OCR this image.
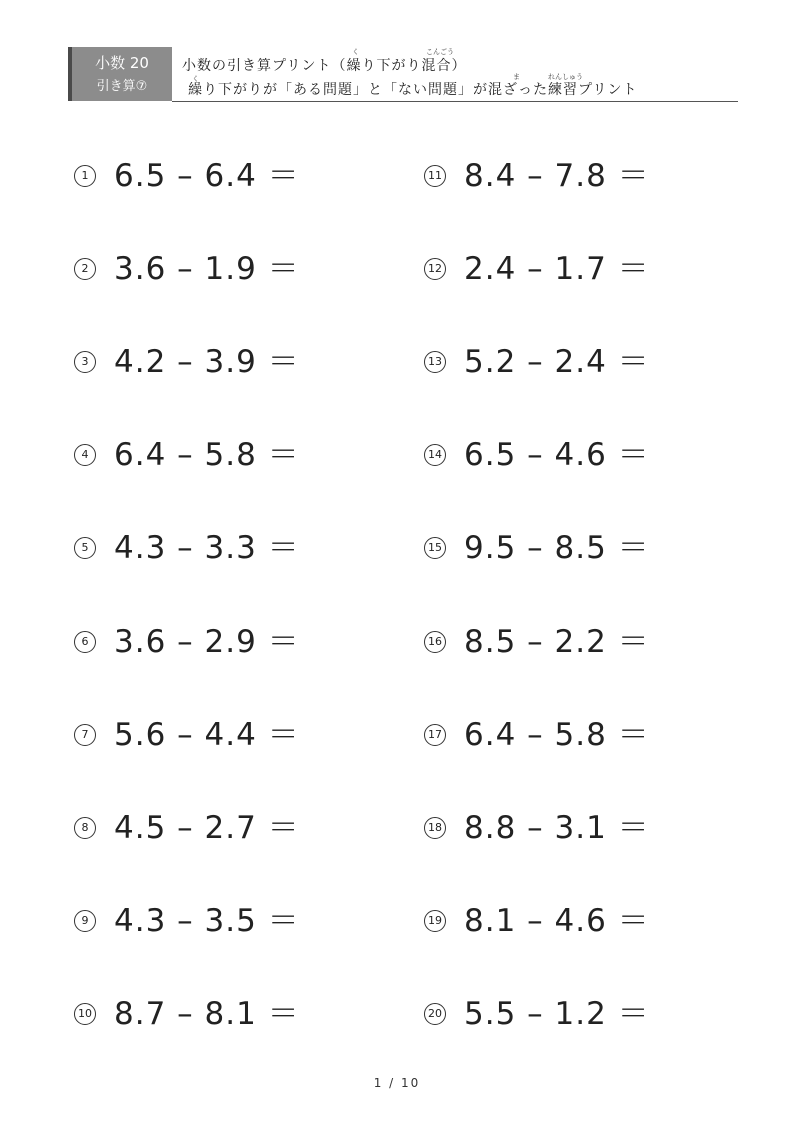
小数 20
引き算⑦
く	こんごう
小数の引き算プリント（繰り下がり混合）
く	ま	れんしゅう
繰り下がりが「ある問題」と「ない問題」が混ざった練習プリント
1 6.5 – 6.4 ＝
2 3.6 – 1.9 ＝
3 4.2 – 3.9 ＝
4 6.4 – 5.8 ＝
5 4.3 – 3.3 ＝
6 3.6 – 2.9 ＝
7 5.6 – 4.4 ＝
8 4.5 – 2.7 ＝
9 4.3 – 3.5 ＝
10 8.7 – 8.1 ＝
11 8.4 – 7.8 ＝
12 2.4 – 1.7 ＝
13 5.2 – 2.4 ＝
14 6.5 – 4.6 ＝
15 9.5 – 8.5 ＝
16 8.5 – 2.2 ＝
17 6.4 – 5.8 ＝
18 8.8 – 3.1 ＝
19 8.1 – 4.6 ＝
20 5.5 – 1.2 ＝
1 / 10
